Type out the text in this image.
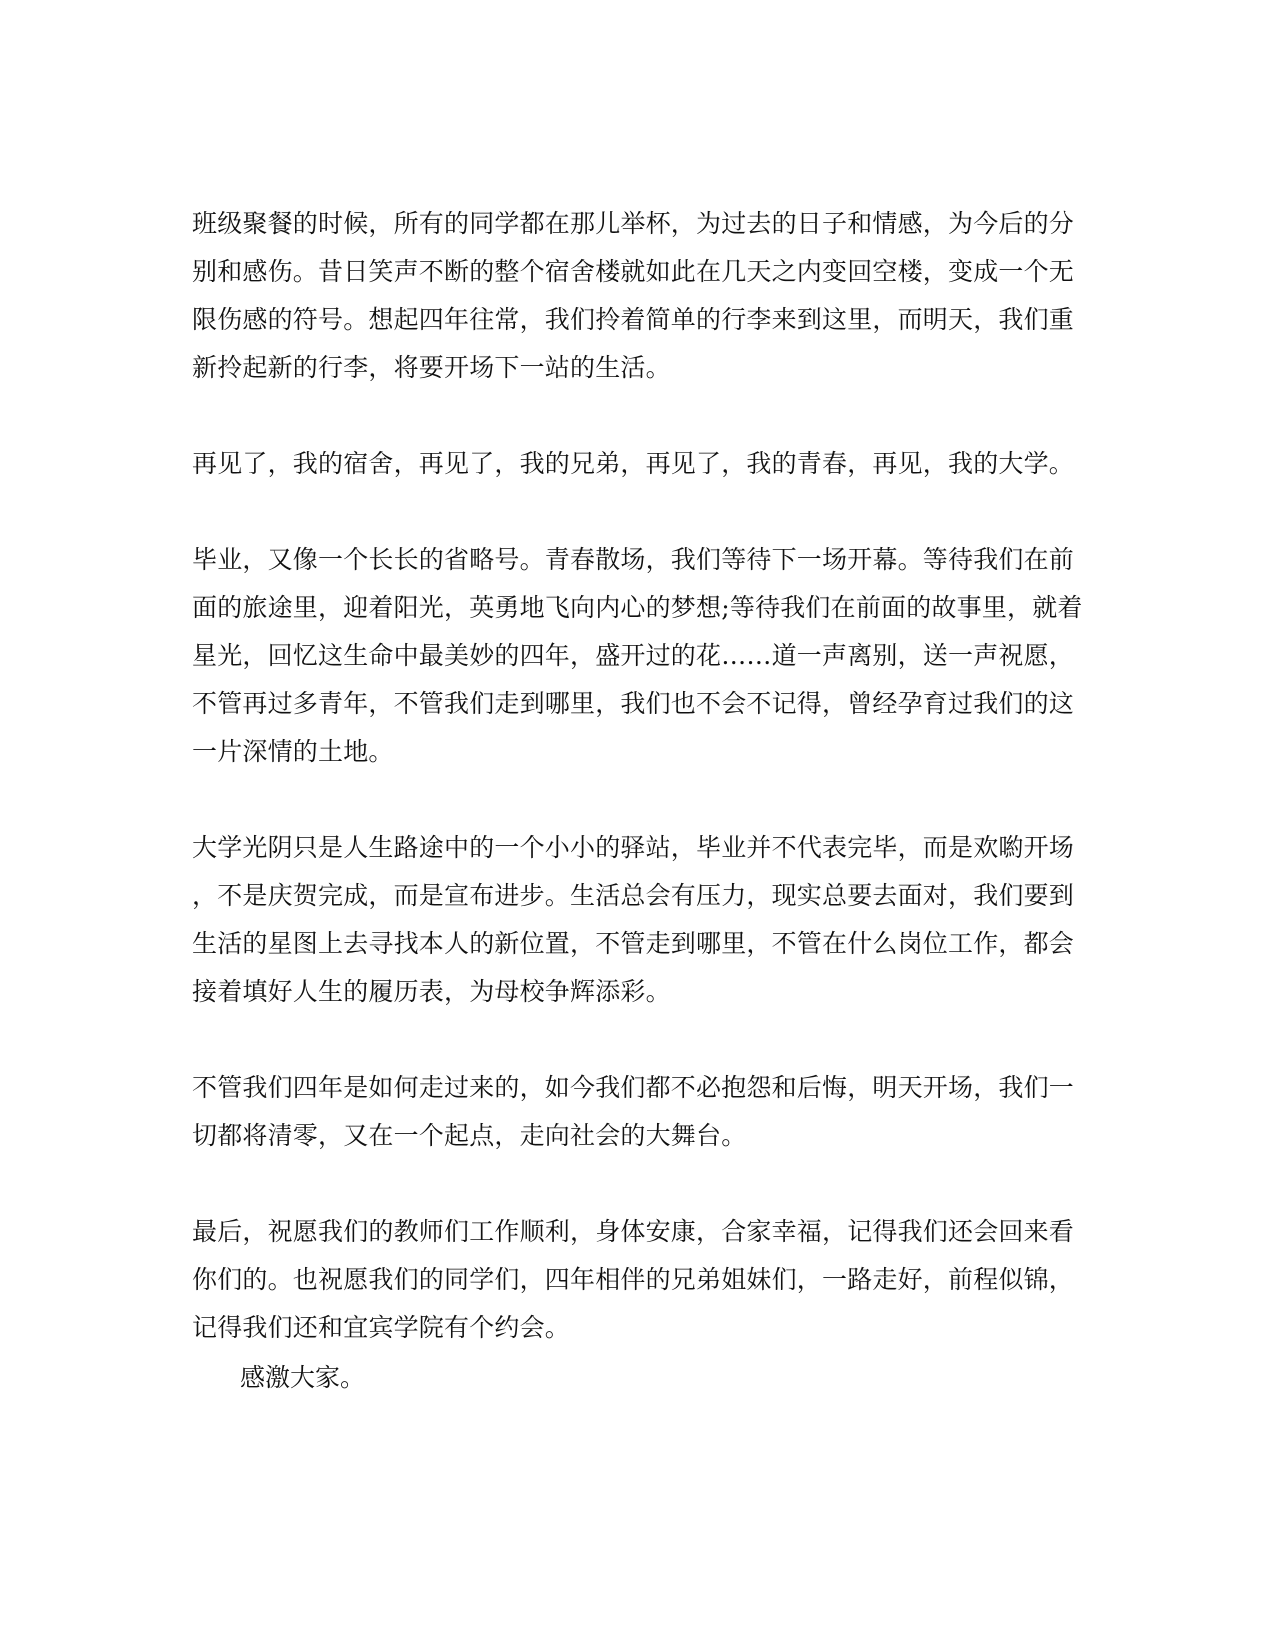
班级聚餐的时候，所有的同学都在那儿举杯，为过去的日子和情感，为今后的分
别和感伤。昔日笑声不断的整个宿舍楼就如此在几天之内变回空楼，变成一个无
限伤感的符号。想起四年往常，我们拎着简单的行李来到这里，而明天，我们重
新拎起新的行李，将要开场下一站的生活。

再见了，我的宿舍，再见了，我的兄弟，再见了，我的青春，再见，我的大学。

毕业，又像一个长长的省略号。青春散场，我们等待下一场开幕。等待我们在前
面的旅途里，迎着阳光，英勇地飞向内心的梦想;等待我们在前面的故事里，就着
星光，回忆这生命中最美妙的四年，盛开过的花……道一声离别，送一声祝愿，
不管再过多青年，不管我们走到哪里，我们也不会不记得，曾经孕育过我们的这
一片深情的土地。

大学光阴只是人生路途中的一个小小的驿站，毕业并不代表完毕，而是欢喲开场
，不是庆贺完成，而是宣布进步。生活总会有压力，现实总要去面对，我们要到
生活的星图上去寻找本人的新位置，不管走到哪里，不管在什么岗位工作，都会
接着填好人生的履历表，为母校争辉添彩。

不管我们四年是如何走过来的，如今我们都不必抱怨和后悔，明天开场，我们一
切都将清零，又在一个起点，走向社会的大舞台。

最后，祝愿我们的教师们工作顺利，身体安康，合家幸福，记得我们还会回来看
你们的。也祝愿我们的同学们，四年相伴的兄弟姐妹们，一路走好，前程似锦，
记得我们还和宜宾学院有个约会。

感激大家。
